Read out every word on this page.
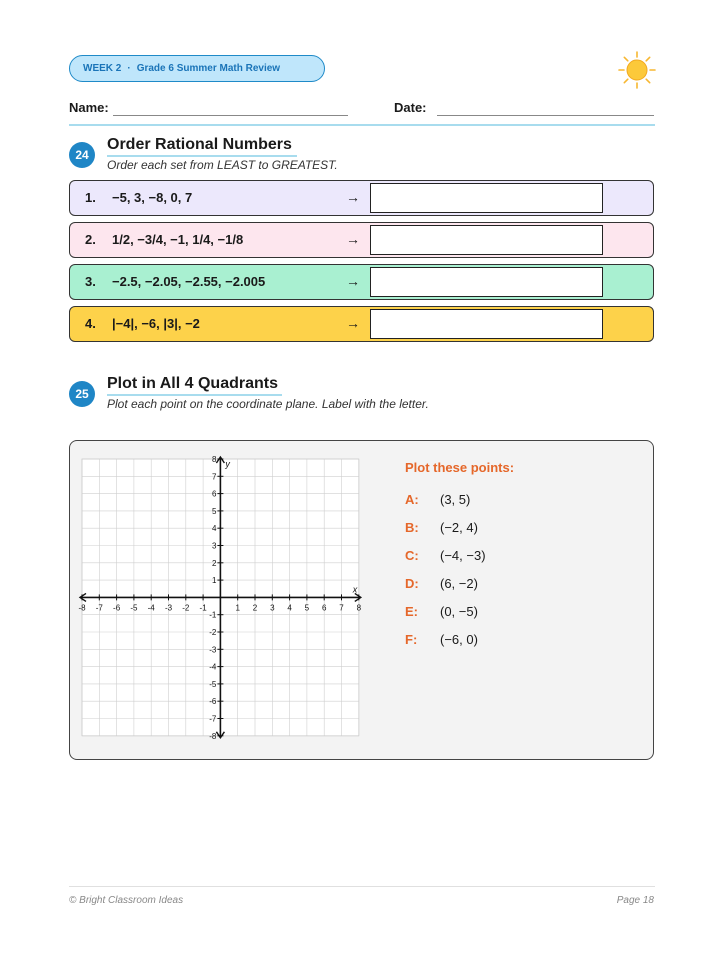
WEEK 2 · Grade 6 Summer Math Review
Name:	Date:
24
Order Rational Numbers
Order each set from LEAST to GREATEST.
1. −5, 3, −8, 0, 7	→
2. 1/2, −3/4, −1, 1/4, −1/8	→
3. −2.5, −2.05, −2.55, −2.005	→
4. |−4|, −6, |3|, −2	→
25
Plot in All 4 Quadrants
Plot each point on the coordinate plane. Label with the letter.
-8
-8
-7
-7
-6
-6
-5
-5
-4
-4
-3
-3
-2
-2
-1
-1
1
1
2
2
3
3
4
4
5
5
6
6
7
7
8
8
x
y	Plot these points:
A: (3, 5)
B: (−2, 4)
C: (−4, −3)
D: (6, −2)
E: (0, −5)
F: (−6, 0)
© Bright Classroom Ideas	Page 18
